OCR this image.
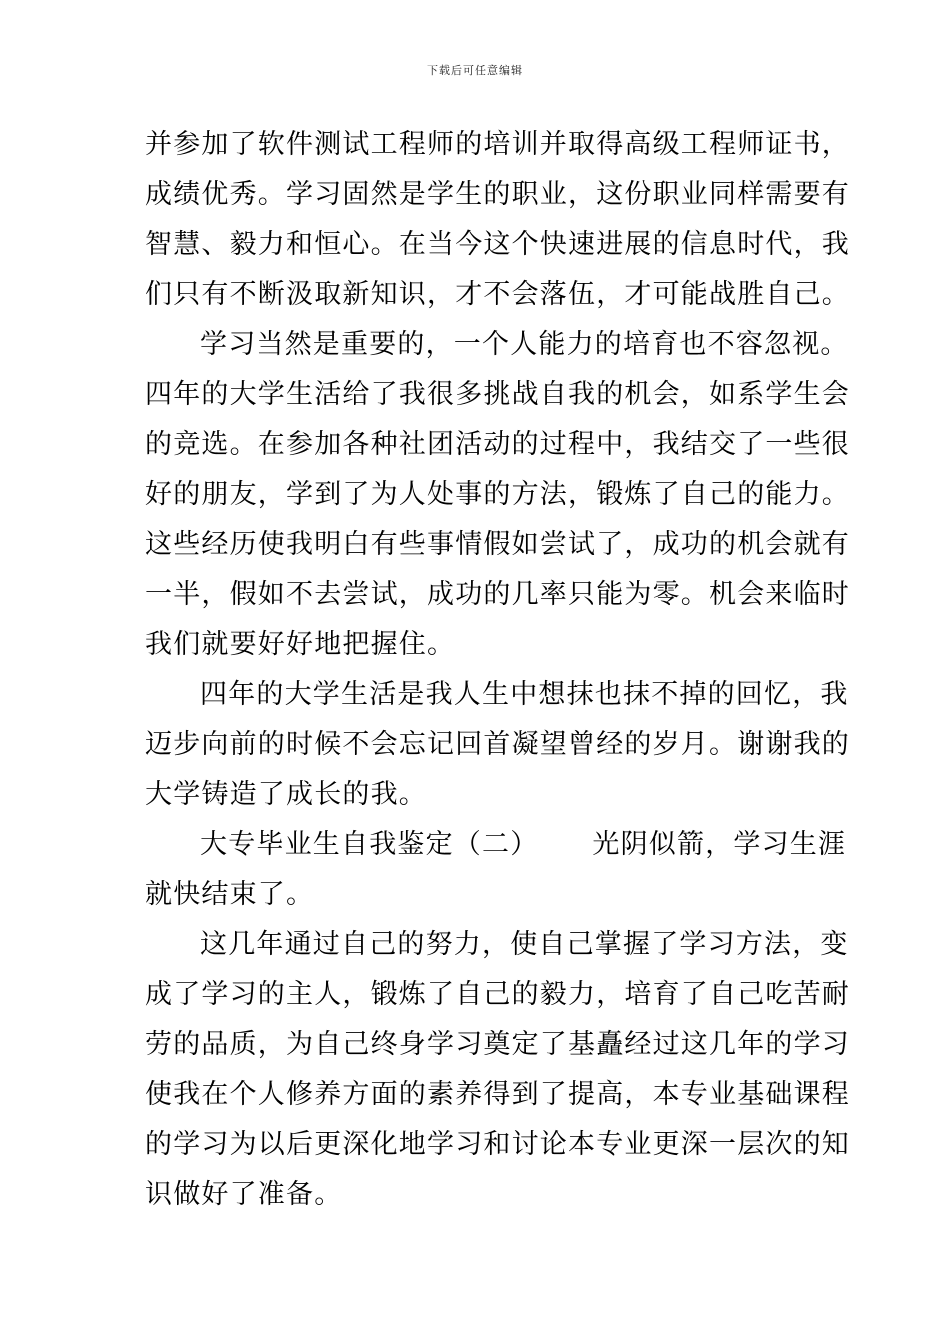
下载后可任意编辑
并参加了软件测试工程师的培训并取得高级工程师证书，
成绩优秀。学习固然是学生的职业，这份职业同样需要有
智慧、毅力和恒心。在当今这个快速进展的信息时代，我
们只有不断汲取新知识，才不会落伍，才可能战胜自己。
学习当然是重要的，一个人能力的培育也不容忽视。
四年的大学生活给了我很多挑战自我的机会，如系学生会
的竞选。在参加各种社团活动的过程中，我结交了一些很
好的朋友，学到了为人处事的方法，锻炼了自己的能力。
这些经历使我明白有些事情假如尝试了，成功的机会就有
一半，假如不去尝试，成功的几率只能为零。机会来临时
我们就要好好地把握住。
四年的大学生活是我人生中想抹也抹不掉的回忆，我
迈步向前的时候不会忘记回首凝望曾经的岁月。谢谢我的
大学铸造了成长的我。
大专毕业生自我鉴定（二） 光阴似箭，学习生涯
就快结束了。
这几年通过自己的努力，使自己掌握了学习方法，变
成了学习的主人，锻炼了自己的毅力，培育了自己吃苦耐
劳的品质，为自己终身学习奠定了基矗经过这几年的学习
使我在个人修养方面的素养得到了提高，本专业基础课程
的学习为以后更深化地学习和讨论本专业更深一层次的知
识做好了准备。
